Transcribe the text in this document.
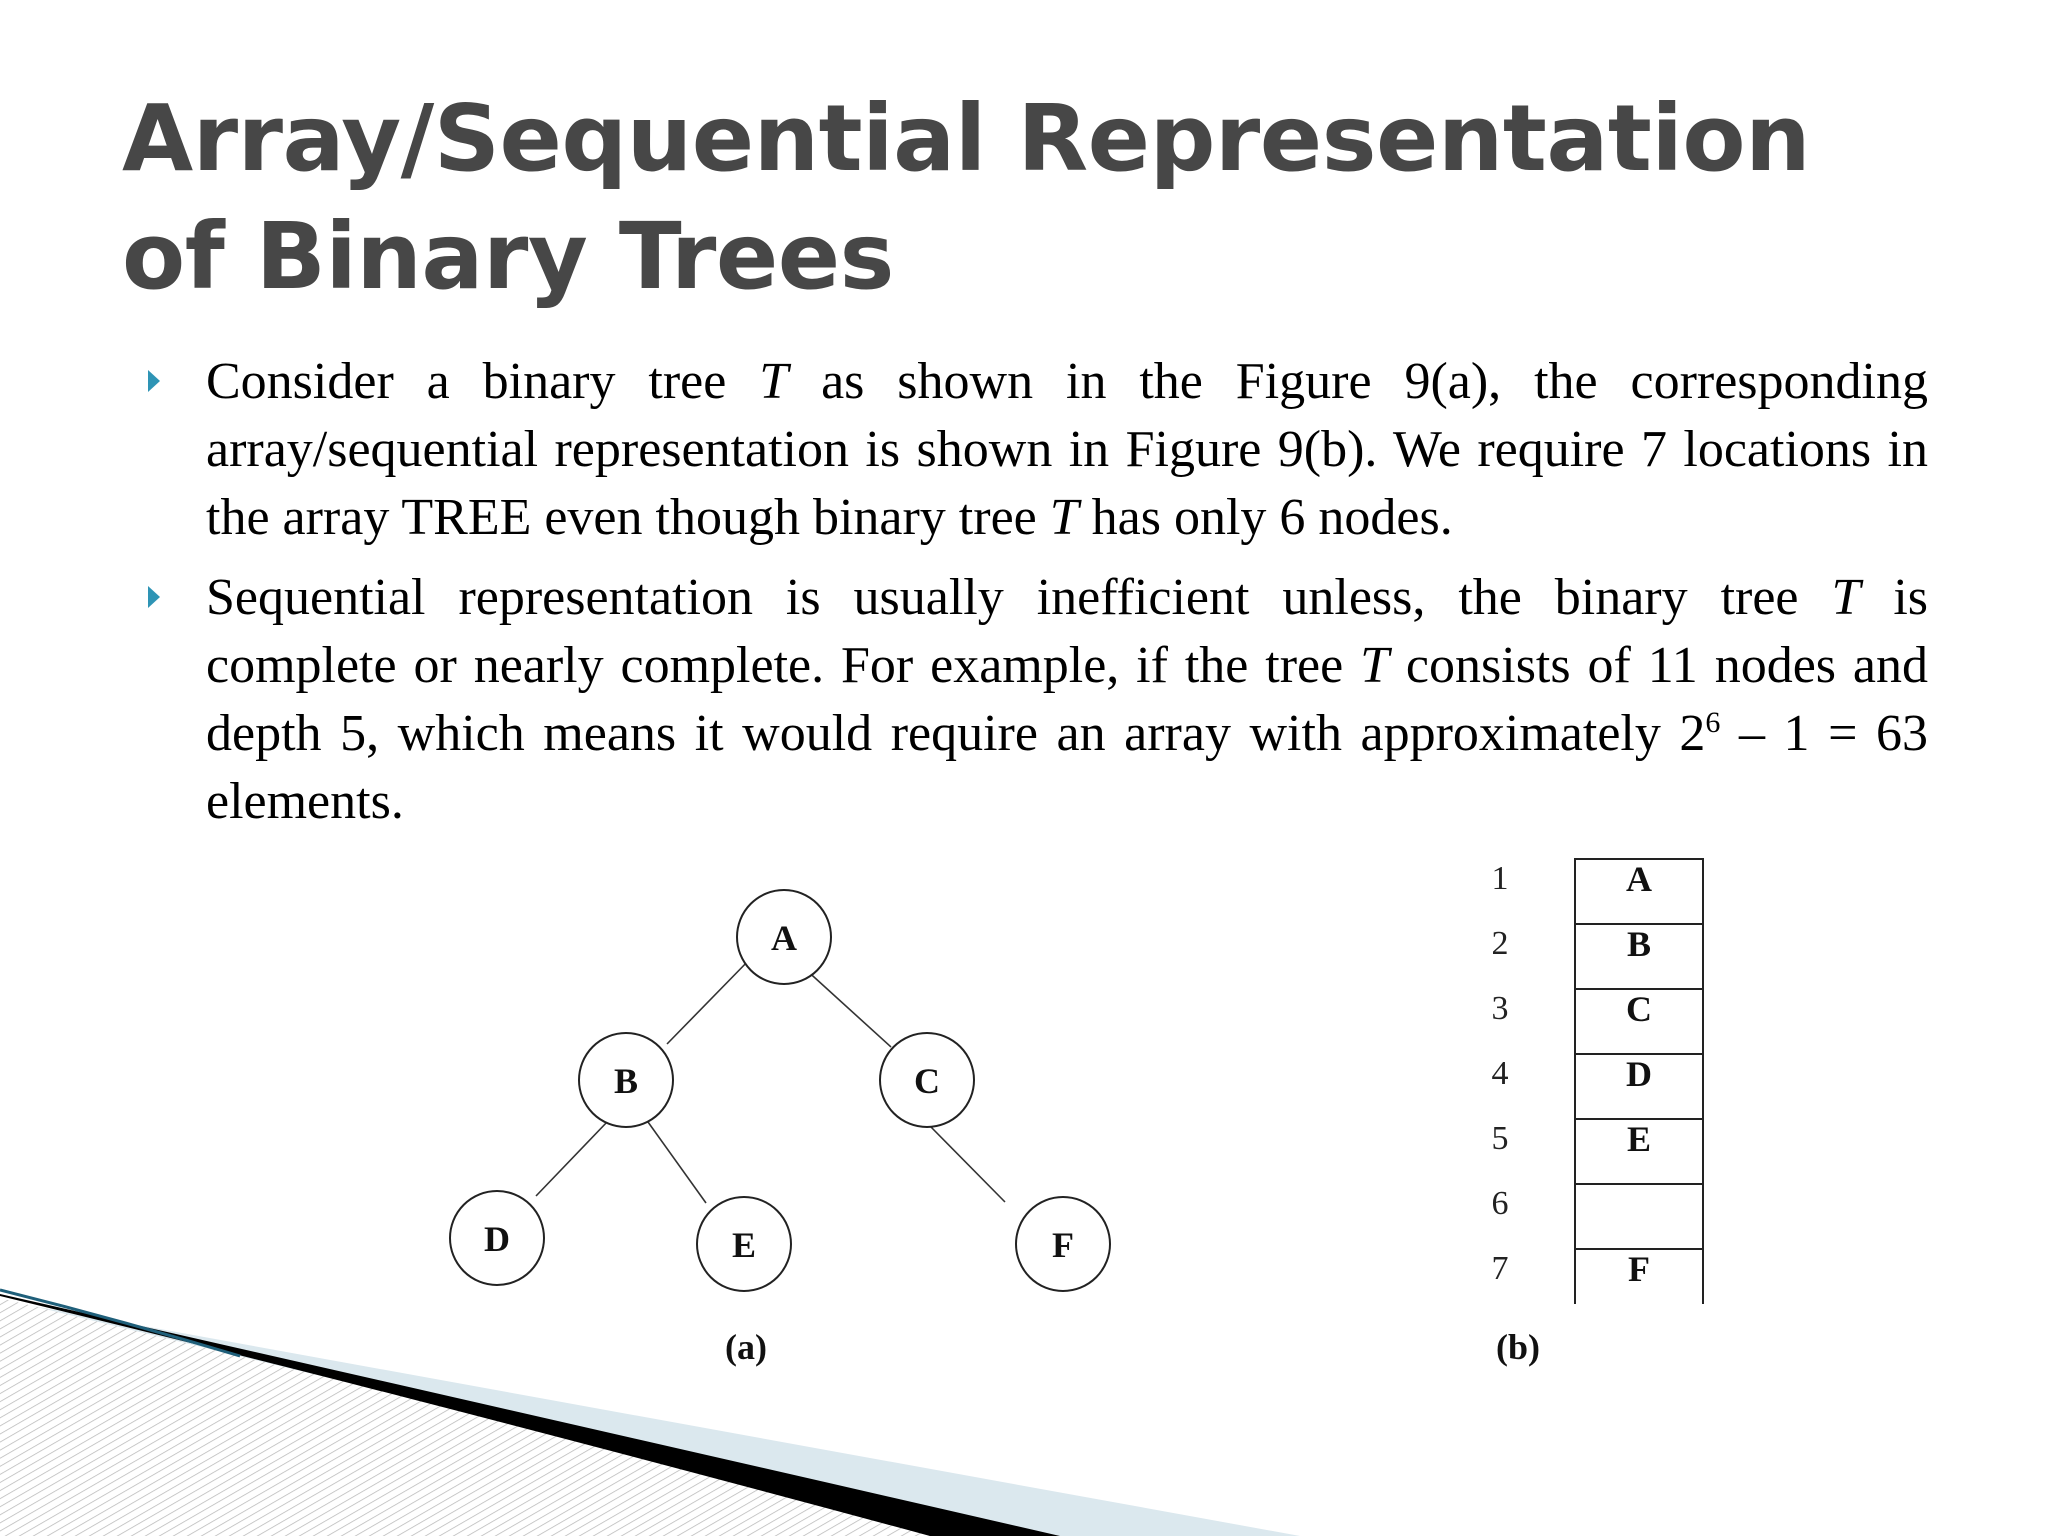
Array/Sequential Representation of Binary Trees
Consider a binary tree T as shown in the Figure 9(a), the corresponding array/sequential representation is shown in Figure 9(b). We require 7 locations in the array TREE even though binary tree T has only 6 nodes.
Sequential representation is usually inefficient unless, the binary tree T is complete or nearly complete. For example, if the tree T consists of 11 nodes and depth 5, which means it would require an array with approximately $2^6 - 1 = 63$ elements.
A
B	C
D	E	F
(a)
1	A
2	B
3	C
4	D
5	E
6
7	F
(b)
